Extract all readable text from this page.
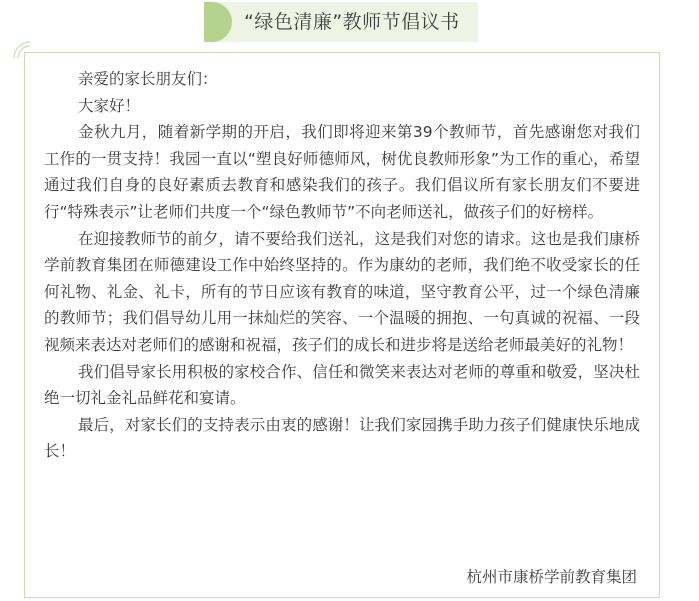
“绿色清廉”教师节倡议书

亲爱的家长朋友们：

大家好！

金秋九月，随着新学期的开启，我们即将迎来第39个教师节，首先感谢您对我们工作的一贯支持！我园一直以“塑良好师德师风，树优良教师形象”为工作的重心，希望通过我们自身的良好素质去教育和感染我们的孩子。我们倡议所有家长朋友们不要进行“特殊表示”让老师们共度一个“绿色教师节”不向老师送礼，做孩子们的好榜样。

在迎接教师节的前夕，请不要给我们送礼，这是我们对您的请求。这也是我们康桥学前教育集团在师德建设工作中始终坚持的。作为康幼的老师，我们绝不收受家长的任何礼物、礼金、礼卡，所有的节日应该有教育的味道，坚守教育公平，过一个绿色清廉的教师节；我们倡导幼儿用一抹灿烂的笑容、一个温暖的拥抱、一句真诚的祝福、一段视频来表达对老师们的感谢和祝福，孩子们的成长和进步将是送给老师最美好的礼物！

我们倡导家长用积极的家校合作、信任和微笑来表达对老师的尊重和敬爱，坚决杜绝一切礼金礼品鲜花和宴请。

最后，对家长们的支持表示由衷的感谢！让我们家园携手助力孩子们健康快乐地成长！

杭州市康桥学前教育集团
